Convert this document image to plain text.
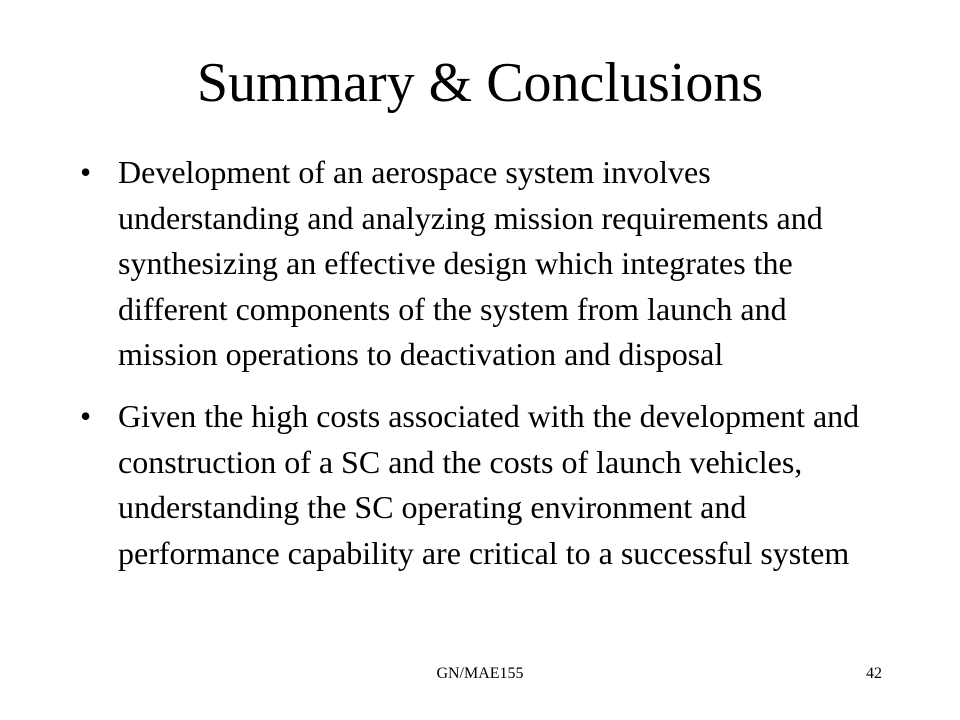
Summary & Conclusions
• Development of an aerospace system involves understanding and analyzing mission requirements and synthesizing an effective design which integrates the different components of the system from launch and mission operations to deactivation and disposal
• Given the high costs associated with the development and construction of a SC and the costs of launch vehicles, understanding the SC operating environment and performance capability are critical to a successful system
GN/MAE155	42
